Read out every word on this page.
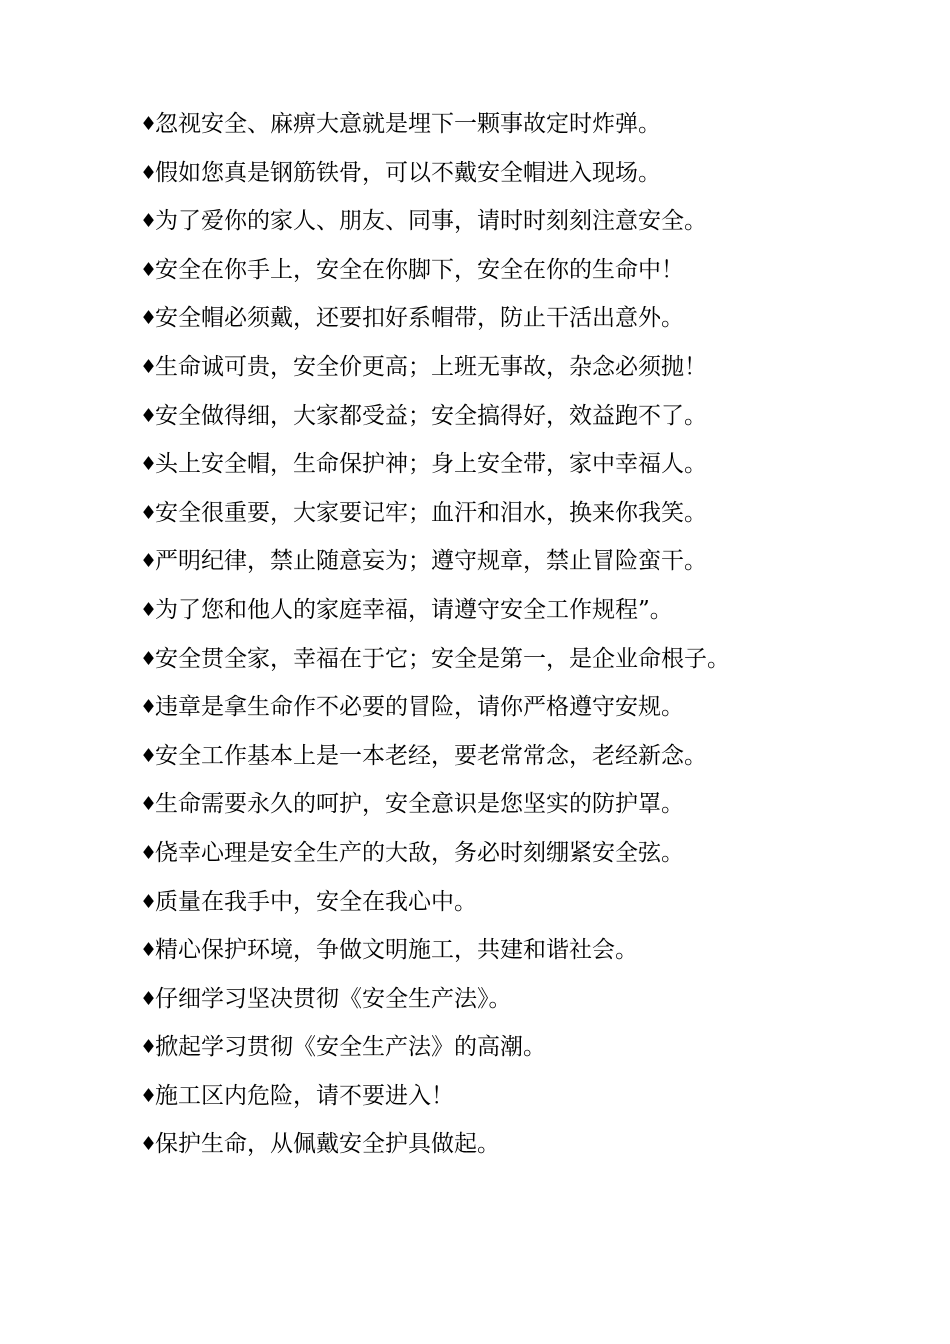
♦
忽视安全、麻痹大意就是埋下一颗事故定时炸弹。
♦
假如您真是钢筋铁骨，可以不戴安全帽进入现场。
♦
为了爱你的家人、朋友、同事，请时时刻刻注意安全。
♦
安全在你手上，安全在你脚下，安全在你的生命中！
♦
安全帽必须戴，还要扣好系帽带，防止干活出意外。
♦
生命诚可贵，安全价更高；上班无事故，杂念必须抛！
♦
安全做得细，大家都受益；安全搞得好，效益跑不了。
♦
头上安全帽，生命保护神；身上安全带，家中幸福人。
♦
安全很重要，大家要记牢；血汗和泪水，换来你我笑。
♦
严明纪律，禁止随意妄为；遵守规章，禁止冒险蛮干。
♦
为了您和他人的家庭幸福，请遵守安全工作规程”。
♦
安全贯全家，幸福在于它；安全是第一，是企业命根子。
♦
违章是拿生命作不必要的冒险，请你严格遵守安规。
♦
安全工作基本上是一本老经，要老常常念，老经新念。
♦
生命需要永久的呵护，安全意识是您坚实的防护罩。
♦
侥幸心理是安全生产的大敌，务必时刻绷紧安全弦。
♦
质量在我手中，安全在我心中。
♦
精心保护环境，争做文明施工，共建和谐社会。
♦
仔细学习坚决贯彻《安全生产法》。
♦
掀起学习贯彻《安全生产法》的高潮。
♦
施工区内危险，请不要进入！
♦
保护生命，从佩戴安全护具做起。
